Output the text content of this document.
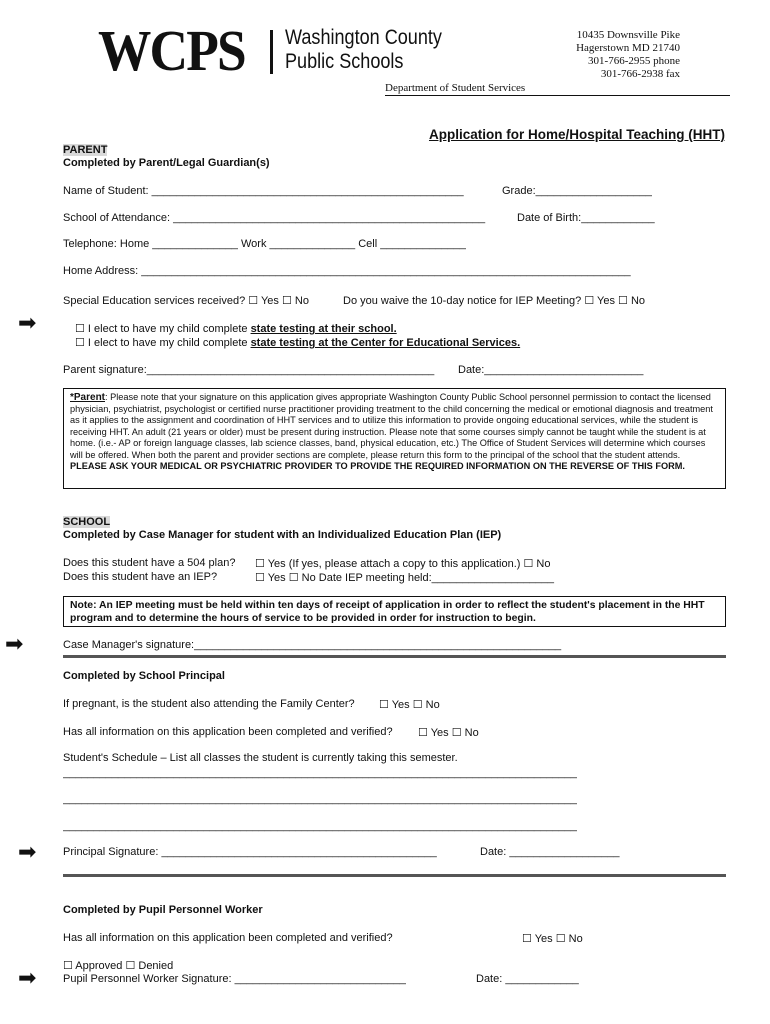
WCPS Washington County
Public Schools
10435 Downsville Pike
Hagerstown MD 21740
301-766-2955 phone
301-766-2938 fax
Department of Student Services
Application for Home/Hospital Teaching (HHT)
PARENT
Completed by Parent/Legal Guardian(s)
Name of Student: ___________________________________________________	Grade:___________________
School of Attendance: ___________________________________________________	Date of Birth:____________
Telephone: Home ______________ Work ______________ Cell ______________
Home Address: ________________________________________________________________________________
Special Education services received? ☐ Yes ☐ No	Do you waive the 10-day notice for IEP Meeting? ☐ Yes ☐ No
➡	☐ I elect to have my child complete state testing at their school.
☐ I elect to have my child complete state testing at the Center for Educational Services.
Parent signature:_______________________________________________ Date:__________________________
*Parent: Please note that your signature on this application gives appropriate Washington County Public School personnel permission to contact the licensed physician, psychiatrist, psychologist or certified nurse practitioner providing treatment to the child concerning the medical or emotional diagnosis and treatment as it applies to the assignment and coordination of HHT services and to utilize this information to provide ongoing educational services, while the student is receiving HHT. An adult (21 years or older) must be present during instruction. Please note that some courses simply cannot be taught while the student is at home. (i.e.- AP or foreign language classes, lab science classes, band, physical education, etc.) The Office of Student Services will determine which courses will be offered. When both the parent and provider sections are complete, please return this form to the principal of the school that the student attends. PLEASE ASK YOUR MEDICAL OR PSYCHIATRIC PROVIDER TO PROVIDE THE REQUIRED INFORMATION ON THE REVERSE OF THIS FORM.
SCHOOL
Completed by Case Manager for student with an Individualized Education Plan (IEP)
Does this student have a 504 plan? ☐ Yes (If yes, please attach a copy to this application.) ☐ No
Does this student have an IEP?	☐ Yes ☐ No Date IEP meeting held:____________________
Note: An IEP meeting must be held within ten days of receipt of application in order to reflect the student's placement in the HHT program and to determine the hours of service to be provided in order for instruction to begin.
➡	Case Manager's signature:____________________________________________________________
Completed by School Principal
If pregnant, is the student also attending the Family Center? ☐ Yes ☐ No
Has all information on this application been completed and verified? ☐ Yes ☐ No
Student's Schedule – List all classes the student is currently taking this semester.
____________________________________________________________________________________
____________________________________________________________________________________
____________________________________________________________________________________
➡ Principal Signature: _____________________________________________	Date: __________________
Completed by Pupil Personnel Worker
Has all information on this application been completed and verified?	☐ Yes ☐ No
☐ Approved ☐ Denied
➡ Pupil Personnel Worker Signature: ____________________________	Date: ____________
